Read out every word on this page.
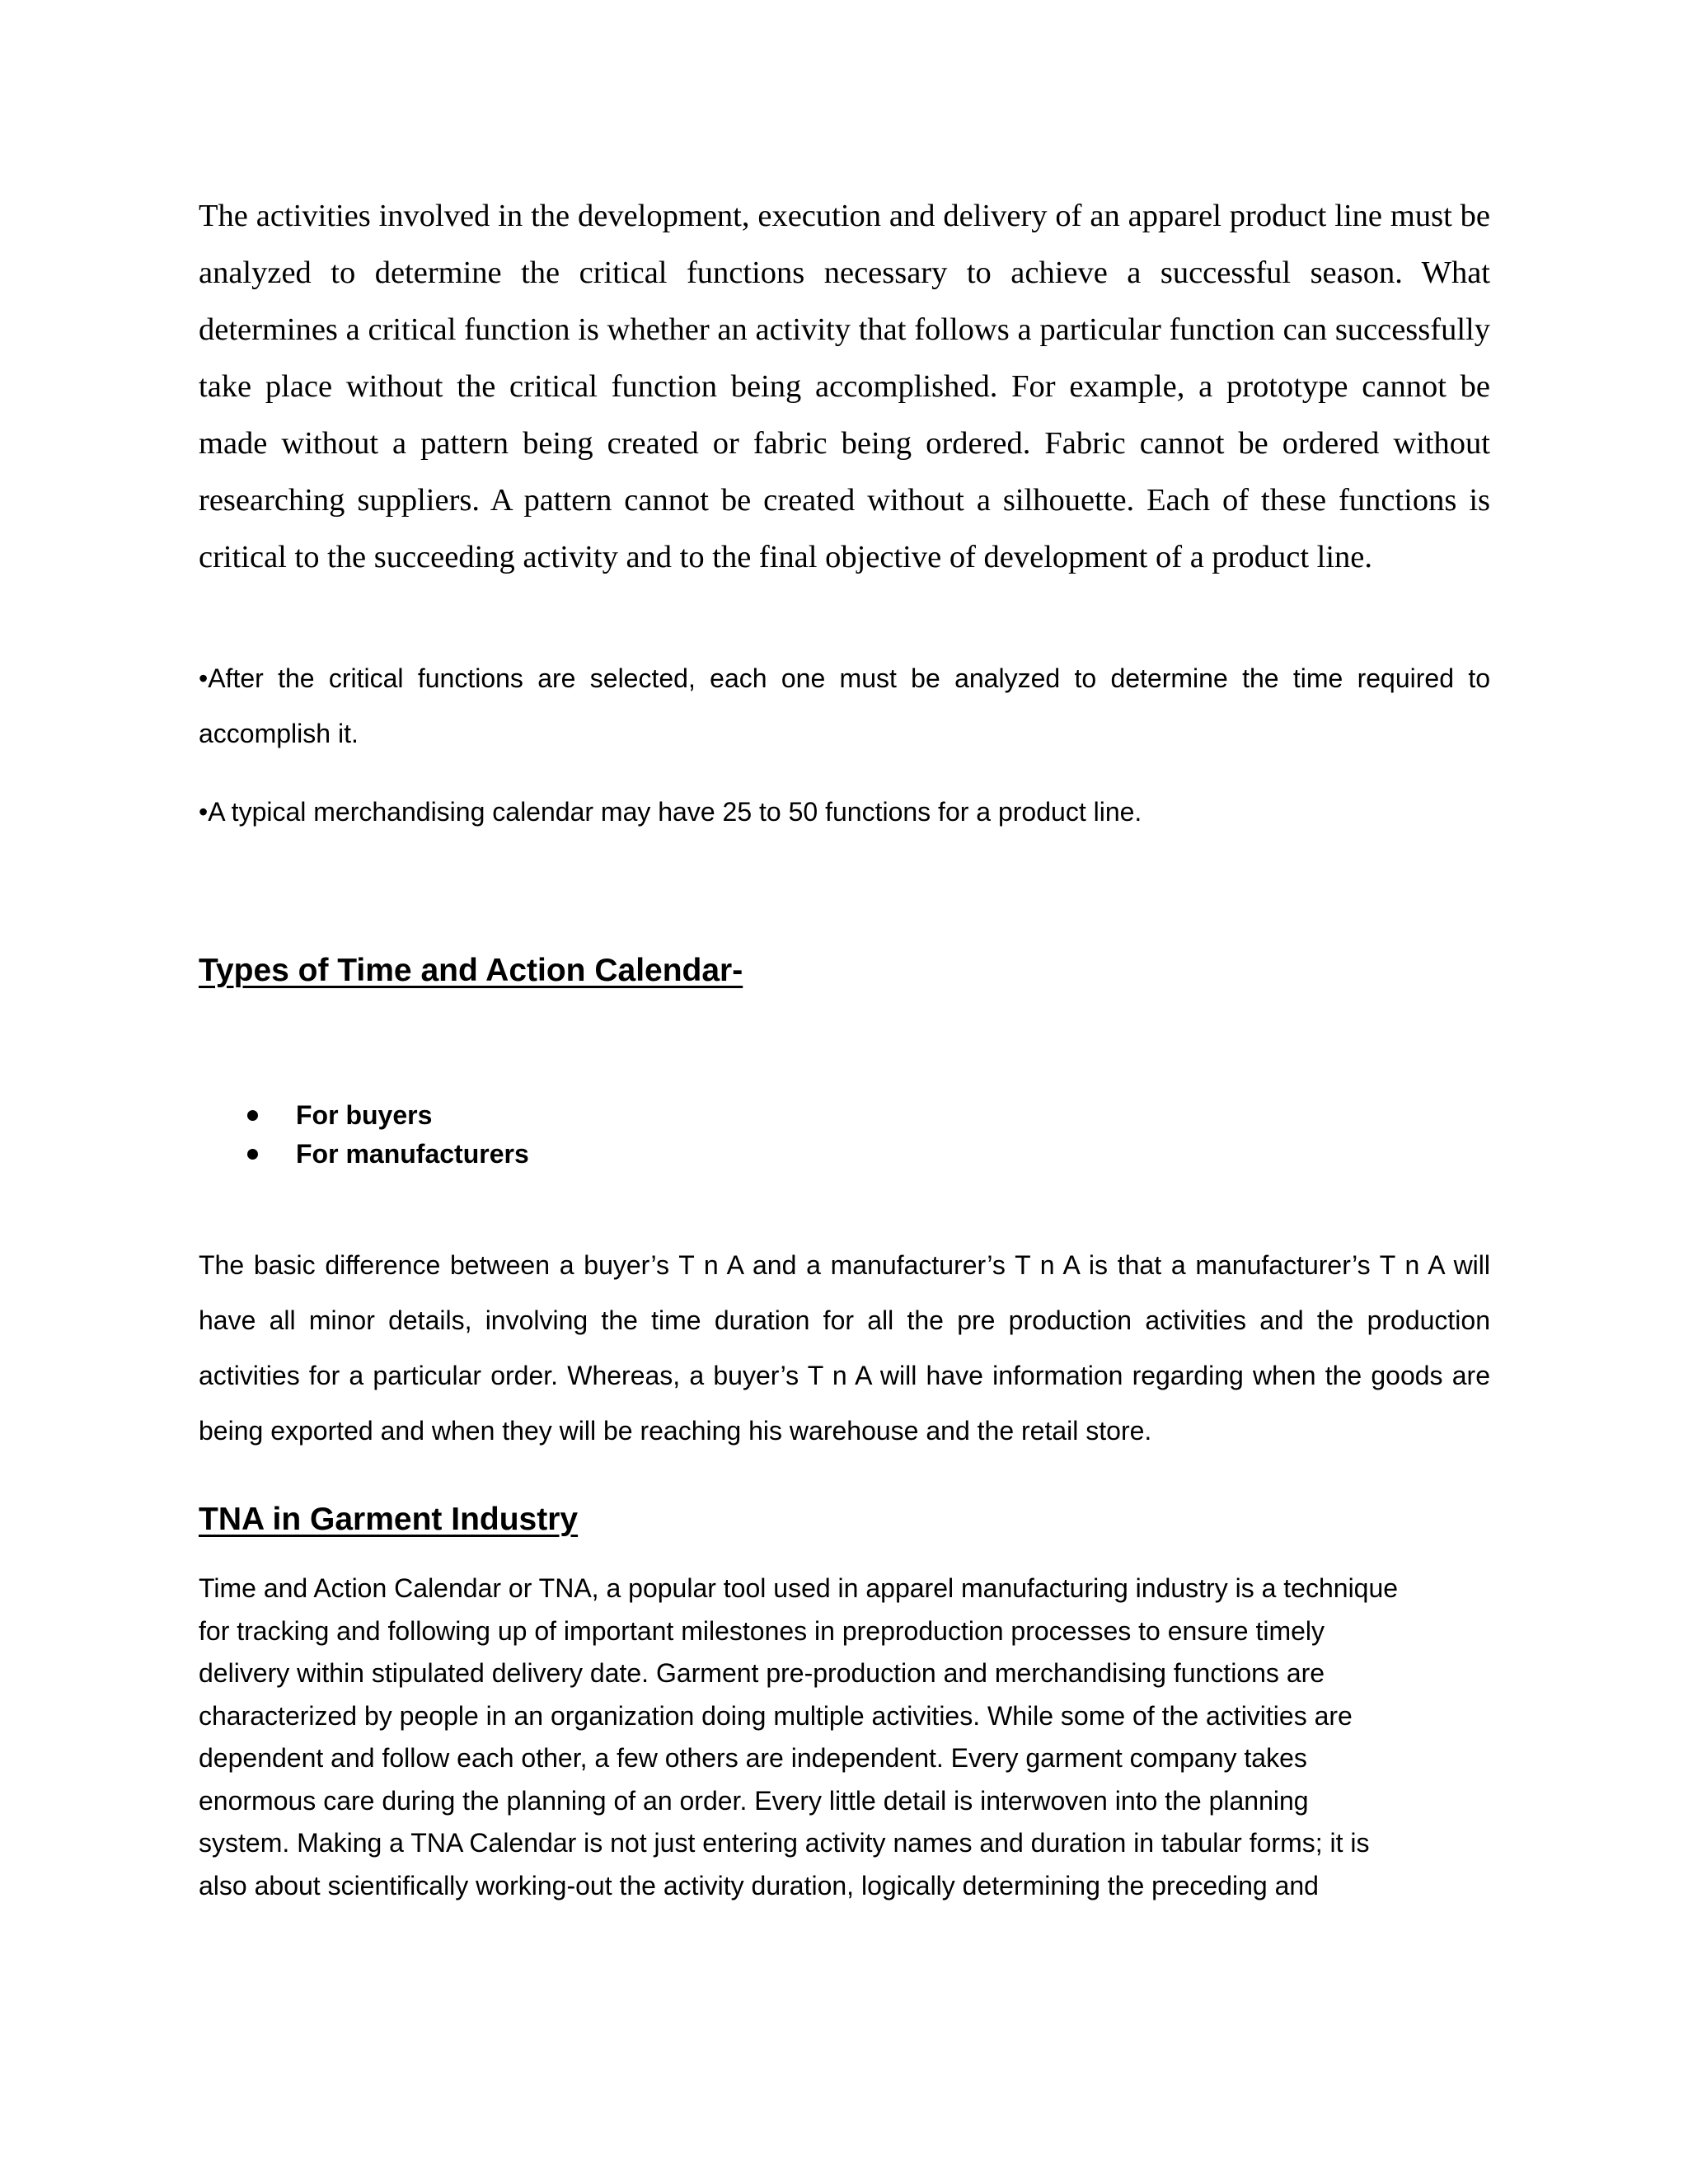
The activities involved in the development, execution and delivery of an apparel product line must be analyzed to determine the critical functions necessary to achieve a successful season. What determines a critical function is whether an activity that follows a particular function can successfully take place without the critical function being accomplished. For example, a prototype cannot be made without a pattern being created or fabric being ordered. Fabric cannot be ordered without researching suppliers. A pattern cannot be created without a silhouette. Each of these functions is critical to the succeeding activity and to the final objective of development of a product line.

•After the critical functions are selected, each one must be analyzed to determine the time required to accomplish it.

•A typical merchandising calendar may have 25 to 50 functions for a product line.

Types of Time and Action Calendar-
For buyers
For manufacturers

The basic difference between a buyer’s T n A and a manufacturer’s T n A is that a manufacturer’s T n A will have all minor details, involving the time duration for all the pre production activities and the production activities for a particular order. Whereas, a buyer’s T n A will have information regarding when the goods are being exported and when they will be reaching his warehouse and the retail store.

TNA in Garment Industry
Time and Action Calendar or TNA, a popular tool used in apparel manufacturing industry is a technique
for tracking and following up of important milestones in preproduction processes to ensure timely
delivery within stipulated delivery date. Garment pre-production and merchandising functions are
characterized by people in an organization doing multiple activities. While some of the activities are
dependent and follow each other, a few others are independent. Every garment company takes
enormous care during the planning of an order. Every little detail is interwoven into the planning
system. Making a TNA Calendar is not just entering activity names and duration in tabular forms; it is
also about scientifically working-out the activity duration, logically determining the preceding and
